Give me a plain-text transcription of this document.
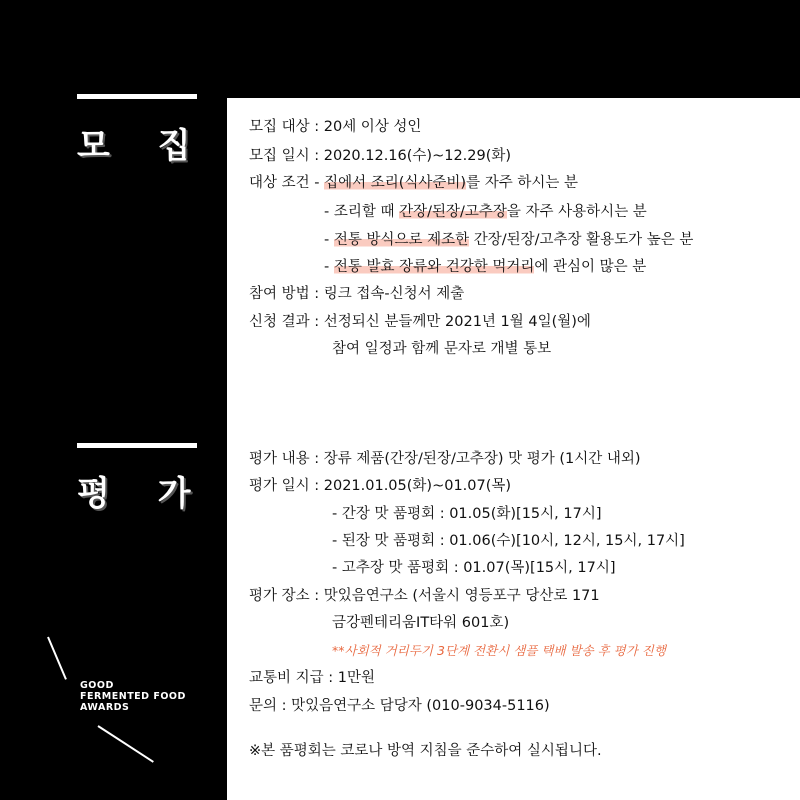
모 집	모집 대상 : 20세 이상 성인
모집 일시 : 2020.12.16(수)~12.29(화)
대상 조건 - 집에서 조리(식사준비)를 자주 하시는 분
- 조리할 때 간장/된장/고추장을 자주 사용하시는 분
- 전통 방식으로 제조한 간장/된장/고추장 활용도가 높은 분
- 전통 발효 장류와 건강한 먹거리에 관심이 많은 분
참여 방법 : 링크 접속-신청서 제출
신청 결과 : 선정되신 분들께만 2021년 1월 4일(월)에
참여 일정과 함께 문자로 개별 통보
평 가
평가 내용 : 장류 제품(간장/된장/고추장) 맛 평가 (1시간 내외)
평가 일시 : 2021.01.05(화)~01.07(목)
- 간장 맛 품평회 : 01.05(화)[15시, 17시]
- 된장 맛 품평회 : 01.06(수)[10시, 12시, 15시, 17시]
- 고추장 맛 품평회 : 01.07(목)[15시, 17시]
평가 장소 : 맛있음연구소 (서울시 영등포구 당산로 171
금강펜테리움IT타워 601호)
**사회적 거리두기 3단계 전환시 샘플 택배 발송 후 평가 진행
교통비 지급 : 1만원
문의 : 맛있음연구소 담당자 (010-9034-5116)
※본 품평회는 코로나 방역 지침을 준수하여 실시됩니다.
GOOD
FERMENTED FOOD
AWARDS
